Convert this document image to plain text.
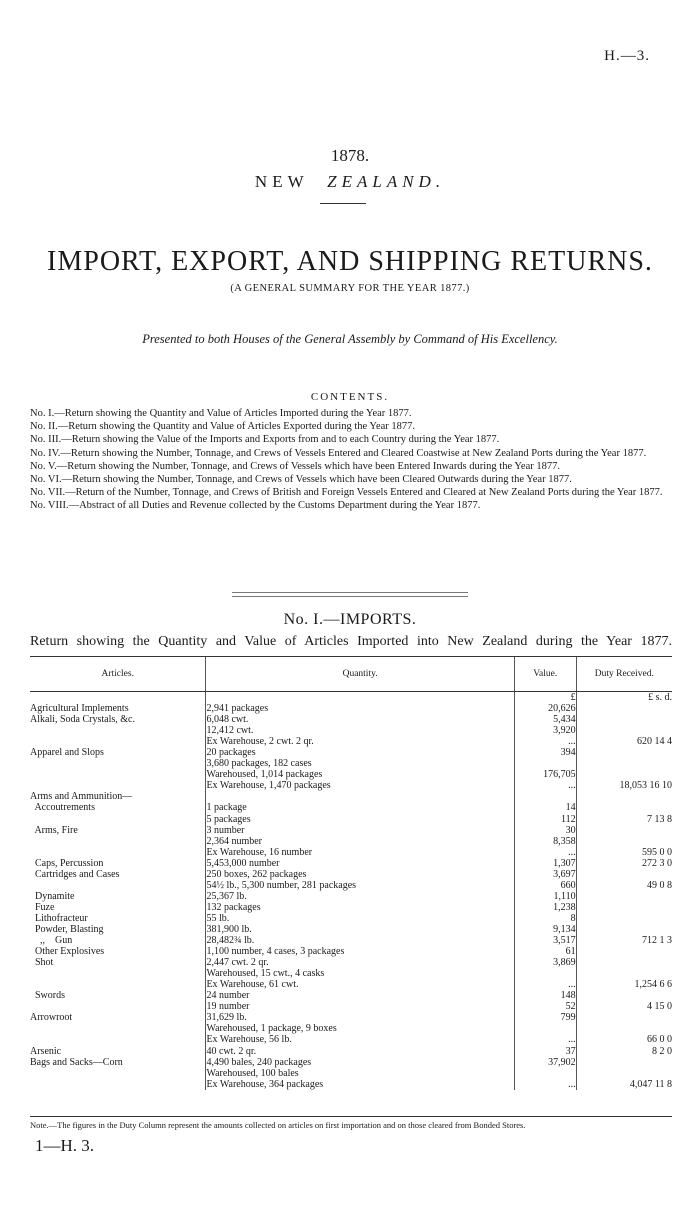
H.—3.
1878.
NEW ZEALAND.
IMPORT, EXPORT, AND SHIPPING RETURNS.
(A GENERAL SUMMARY FOR THE YEAR 1877.)
Presented to both Houses of the General Assembly by Command of His Excellency.
CONTENTS.
No. I.—Return showing the Quantity and Value of Articles Imported during the Year 1877.
No. II.—Return showing the Quantity and Value of Articles Exported during the Year 1877.
No. III.—Return showing the Value of the Imports and Exports from and to each Country during the Year 1877.
No. IV.—Return showing the Number, Tonnage, and Crews of Vessels Entered and Cleared Coastwise at New Zealand Ports during the Year 1877.
No. V.—Return showing the Number, Tonnage, and Crews of Vessels which have been Entered Inwards during the Year 1877.
No. VI.—Return showing the Number, Tonnage, and Crews of Vessels which have been Cleared Outwards during the Year 1877.
No. VII.—Return of the Number, Tonnage, and Crews of British and Foreign Vessels Entered and Cleared at New Zealand Ports during the Year 1877.
No. VIII.—Abstract of all Duties and Revenue collected by the Customs Department during the Year 1877.
No. I.—IMPORTS.
Return showing the Quantity and Value of Articles Imported into New Zealand during the Year 1877.
Articles.	Quantity.	Value.	Duty Received.
		£	£ s. d.
Agricultural Implements	2,941 packages	20,626	
Alkali, Soda Crystals, &c.	6,048 cwt.	5,434	
	12,412 cwt.	3,920	
	Ex Warehouse, 2 cwt. 2 qr.	...	620 14 4
Apparel and Slops	20 packages	394	
	3,680 packages, 182 cases		
	Warehoused, 1,014 packages	176,705	
	Ex Warehouse, 1,470 packages	...	18,053 16 10
Arms and Ammunition—			
Accoutrements	1 package	14	
	5 packages	112	7 13 8
Arms, Fire	3 number	30	
	2,364 number	8,358	
	Ex Warehouse, 16 number	...	595 0 0
Caps, Percussion	5,453,000 number	1,307	272 3 0
Cartridges and Cases	250 boxes, 262 packages	3,697	
	54½ lb., 5,300 number, 281 packages	660	49 0 8
Dynamite	25,367 lb.	1,110	
Fuze	132 packages	1,238	
Lithofracteur	55 lb.	8	
Powder, Blasting	381,900 lb.	9,134	
,,    Gun	28,482¾ lb.	3,517	712 1 3
Other Explosives	1,100 number, 4 cases, 3 packages	61	
Shot	2,447 cwt. 2 qr.	3,869	
	Warehoused, 15 cwt., 4 casks		
	Ex Warehouse, 61 cwt.	...	1,254 6 6
Swords	24 number	148	
	19 number	52	4 15 0
Arrowroot	31,629 lb.	799	
	Warehoused, 1 package, 9 boxes		
	Ex Warehouse, 56 lb.	...	66 0 0
Arsenic	40 cwt. 2 qr.	37	8 2 0
Bags and Sacks—Corn	4,490 bales, 240 packages	37,902	
	Warehoused, 100 bales		
	Ex Warehouse, 364 packages	...	4,047 11 8
Note.—The figures in the Duty Column represent the amounts collected on articles on first importation and on those cleared from Bonded Stores.
1—H. 3.
